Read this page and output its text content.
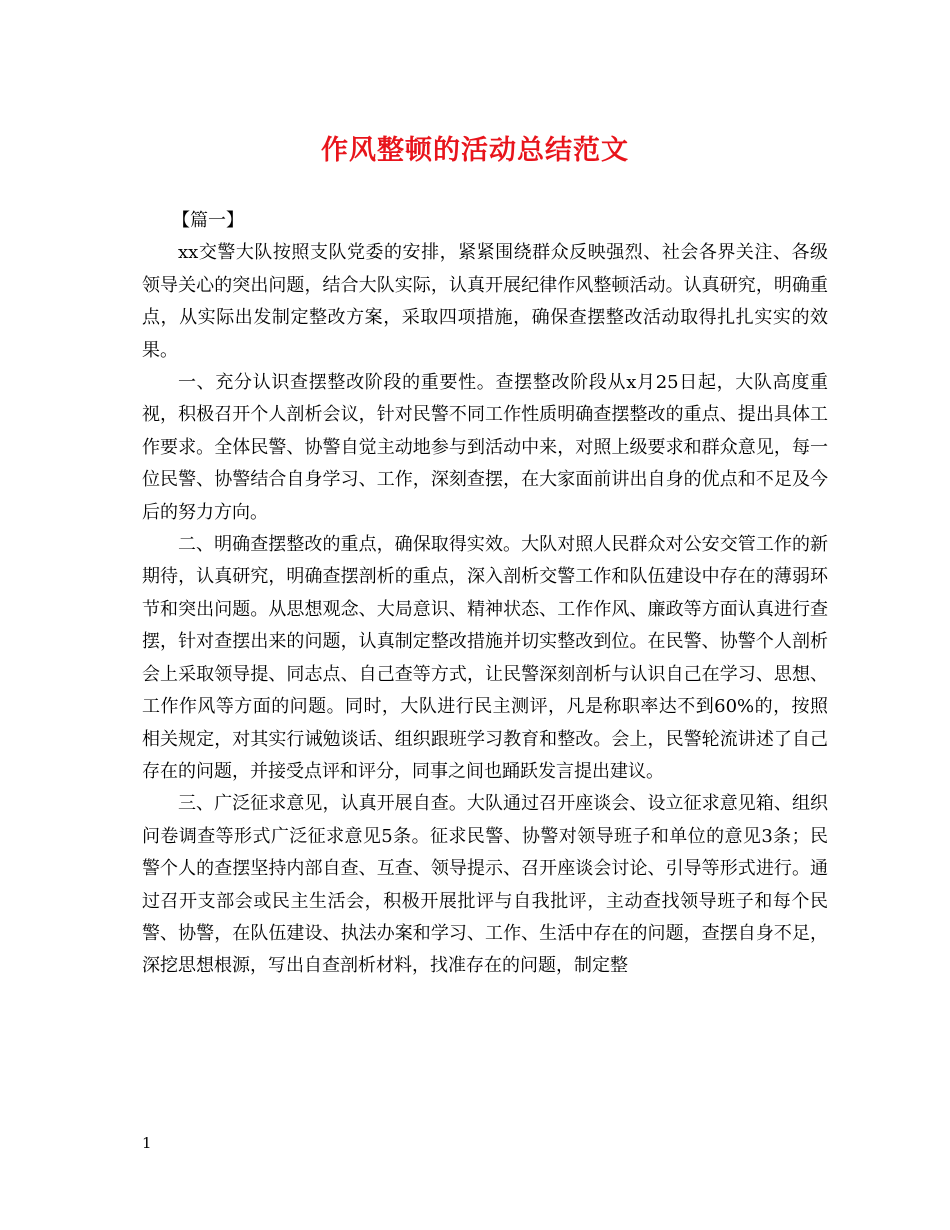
作风整顿的活动总结范文

【篇一】

xx交警大队按照支队党委的安排，紧紧围绕群众反映强烈、社会各界关注、各级领导关心的突出问题，结合大队实际，认真开展纪律作风整顿活动。认真研究，明确重点，从实际出发制定整改方案，采取四项措施，确保查摆整改活动取得扎扎实实的效果。

一、充分认识查摆整改阶段的重要性。查摆整改阶段从x月25日起，大队高度重视，积极召开个人剖析会议，针对民警不同工作性质明确查摆整改的重点、提出具体工作要求。全体民警、协警自觉主动地参与到活动中来，对照上级要求和群众意见，每一位民警、协警结合自身学习、工作，深刻查摆，在大家面前讲出自身的优点和不足及今后的努力方向。

二、明确查摆整改的重点，确保取得实效。大队对照人民群众对公安交管工作的新期待，认真研究，明确查摆剖析的重点，深入剖析交警工作和队伍建设中存在的薄弱环节和突出问题。从思想观念、大局意识、精神状态、工作作风、廉政等方面认真进行查摆，针对查摆出来的问题，认真制定整改措施并切实整改到位。在民警、协警个人剖析会上采取领导提、同志点、自己查等方式，让民警深刻剖析与认识自己在学习、思想、工作作风等方面的问题。同时，大队进行民主测评，凡是称职率达不到60%的，按照相关规定，对其实行诫勉谈话、组织跟班学习教育和整改。会上，民警轮流讲述了自己存在的问题，并接受点评和评分，同事之间也踊跃发言提出建议。

三、广泛征求意见，认真开展自查。大队通过召开座谈会、设立征求意见箱、组织问卷调查等形式广泛征求意见5条。征求民警、协警对领导班子和单位的意见3条；民警个人的查摆坚持内部自查、互查、领导提示、召开座谈会讨论、引导等形式进行。通过召开支部会或民主生活会，积极开展批评与自我批评，主动查找领导班子和每个民警、协警，在队伍建设、执法办案和学习、工作、生活中存在的问题，查摆自身不足，深挖思想根源，写出自查剖析材料，找准存在的问题，制定整

1
